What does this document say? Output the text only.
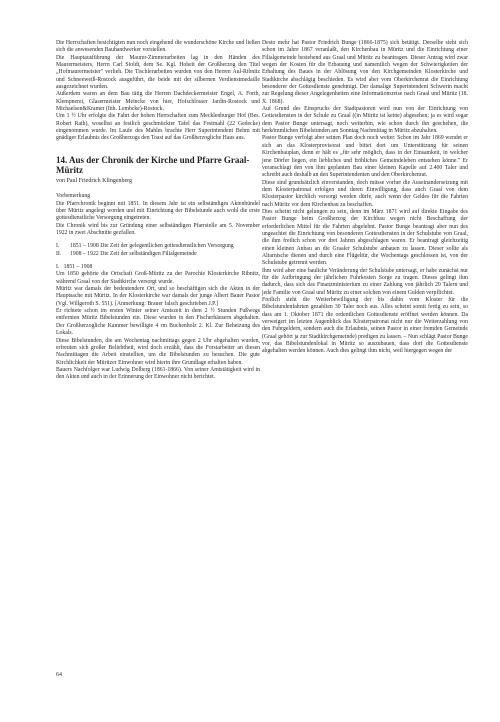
Die Herrschaften besichtigten nun noch eingehend die wunderschöne Kirche und ließen sich die anwesenden Bauhandwerker vorstellen.

Die Hauptausführung der Maurer-Zimmerarbeiten lag in den Händen des Maurermeisters, Herrn Carl Stoldt, dem Se. Kgl. Hoheit der Großherzog den Titel „Hofmaurermeister" verlieh. Die Tischlerarbeiten wurden von den Herren Aul-Ribnitz und Schneeweiß-Rostock ausgeführt, die beide mit der silbernen Verdienstmedaille ausgezeichnet wurden.

Außerdem waren an dem Bau tätig die Herren Dachdeckermeister Engel, A. Forth, Klempnerei, Glasermeister Meincke von hier, Hofschlosser Jardin-Rostock und Michaelsen&Kramer (Inh. Lembcke)-Rostock.

Um 1 ½ Uhr erfolgte die Fahrt der hohen Herrschaften zum Mecklenburger Hof (Bes. Robert Rath), woselbst an festlich geschmückter Tafel das Festmahl (22 Gedecke) eingenommen wurde. Im Laufe des Mahles brachte Herr Superintendent Behm mit gnädiger Erlaubnis des Großherzogs den Toast auf das Großherzogliche Haus aus.

14. Aus der Chronik der Kirche und Pfarre Graal-Müritz
von Paul Friedrich Klingenberg

Vorbemerkung

Die Pfarrchronik beginnt mit 1851. In diesem Jahr ist ein selbständiges Aktenbündel über Müritz angelegt worden und mit Einrichtung der Bibelstunde auch wohl die erste gottesdienstliche Versorgung eingetreten.

Die Chronik wird bis zur Gründung einer selbständigen Pfarrstelle am 5. November 1922 in zwei Abschnitte gezfallen.

I.	1851 – 1908 Die Zeit der gelegentlichen gottesdienstlichen Versorgung
II.	1908 – 1922 Die Zeit der selbständigen Filialgemeinde

I.   1851 – 1908

Um 1850 gehörte die Ortschaft Groß-Müritz zu der Parochie Klosterkirche Ribnitz, während Graal von der Stadtkirche versorgt wurde.

Müritz war damals der bedeutendere Ort, und so beschäftigen sich die Akten in der Hauptsache mit Müritz. In der Klosterkirche war damals der junge Albert Bauer Pastor (Vgl. Willgeroth S. 551). [Anmerkung: Brauer falsch geschrieben J.P.]

Er richtete schon im ersten Winter seiner Amtszeit in dem 2 ½ Stunden Fußwegs entfernten Müritz Bibelstunden ein. Diese wurden in den Fischerhäusern abgehalten. Der Großherzogliche Kammer bewilligte 4 rm Buchenholz 2. Kl. Zur Beheizung des Lokals.

Diese Bibelstunden, die am Wochentag nachmittags gegen 2 Uhr abgehalten wurden, erfreuten sich großer Beliebtheit, wird doch erzählt, dass die Forstarbeiter an diesen Nachmittagen die Arbeit einstellten, um die Bibelstunden zu besuchen. Die gute Kirchlichkeit der Müritzer Einwohner wird hierin ihre Grundlage erhalten haben.

Bauers Nachfolger war Ludwig Dolberg (1861-1866). Von seiner Amtstätigkeit wird in den Akten und auch in der Erinnerung der Einwohner nicht berichtet.

Desto mehr hat Pastor Friedrich Bunge (1866-1875) sich betätigt. Derselbe sieht sich schon im Jahre 1867 veranlaßt, den Kirchenbau in Müritz und die Einrichtung einer Filialgemeinde bestehend aus Graal und Müritz zu beantragen. Dieser Antrag wird zwar wegen der Kosten für die Erbauung und namentlich wegen der Schwierigkeiten der Erhaltung des Baues in der Ablösung von den Kirchgemeinden Klosterkirche und Stadtkirche abschlägig beschieden. Es wird aber vom Oberkirchenrat die Einrichtung besonderer der Gottesdienste genehmigt. Der damalige Superintendent Schwerin macht zur Regelung dieser Angelegenheiten eine Informationsreise nach Graal und Müritz (18. X. 1868).

Auf Grund des Einspruchs der Stadtpastoren wird nun von der Einrichtung von Gottesdiensten in der Schule zu Graal ((in Müritz ist keine) abgesehen; ja es wird sogar dem Pastor Bunge untersagt, noch weiterhin, wie schon durch ihn geschehen, die herkömmlichen Bibelstunden am Sonntag Nachmittag in Müritz abzuhalten.

Pastor Bunge verfolgt aber seinen Plan doch noch weiter. Schon im Jahr 1869 wendet er sich an das Klosterprovisorat und bittet dort um Unterstützung für seinen Kirchenbauplan, denn er hält es „für sehr möglich, dass in der Einsamkeit, in welcher jene Dörfer liegen, ein liebliches und fröhliches Gemeindeleben entstehen könne." Er veranschlagt den von ihm geplanten Bau einer kleinen Kapelle auf 2.400 Taler und schreibt auch deshalb an den Superintendenten und den Oberkirchenrat.

Diese sind grundsätzlich einverstanden, doch müsse vorher die Auseinandersetzung mit dem Klosterpatronat erfolgen und deren Einwilligung, dass auch Graal von dem Klosterpastor kirchlich versorgt werden dürfe, auch wenn der Geldes für die Fahrten nach Müritz vor dem Kirchenbau zu beschaffen.

Dies scheint nicht gelungen zu sein, denn im März 1871 wird auf direkte Eingabe des Pastor Bunge beim Großherzog der Kirchbau wegen nicht Beschaffung der erforderlichen Mittel für die Fahrten abgelehnt. Pastor Bunge beantragt aber nun des ungeachtet die Einrichtung von besonderen Gottesdiensten in der Schulstube von Graal, die ihm freilich schon vor drei Jahren abgeschlagen waren. Er beantragt gleichzeitig einen kleinen Anbau an die Graaler Schulstube anbauen zu lassen. Dieser sollte als Altarnische dienen und durch eine Flügeltür, die Wochentags geschlossen ist, von der Schulstube getrennt werden.

Ihm wird aber eine bauliche Veränderung der Schulstube untersagt, er habe zunächst nur für die Aufbringung der jährlichen Fuhrkosten Sorge zu tragen. Dieses gelingt ihm dadurch, dass sich das Finanzministerium zu einer Zahlung von jährlich 20 Talern und jede Familie von Graal und Müritz zu einer solchen von einem Gulden verpflichtet.

Freilich steht die Weiterbewilligung der bis dahin vom Kloster für die Bibelstundenfahrten gezahlten 30 Taler noch aus. Alles scheint somit fertig zu sein, so dass am 1. Oktober 1871 die ordentlichen Gottesdienste eröffnet werden können. Da verweigert im letzten Augenblick das Klosterpatronat nicht nur die Weiterzahlung von den Fuhrgeldern, sondern auch die Erlaubnis, seinen Pastor in einer fremden Gemeinde (Graal gehört ja zur Stadtkirchgemeinde) predigen zu lassen. – Nun schlägt Pastor Bunge vor, das Bibelstundenlokal in Müritz so auszubauen, dass dort die Gottesdienste abgehalten werden können. Auch dies gelingt ihm nicht, weil hiergegen wegen der

64
